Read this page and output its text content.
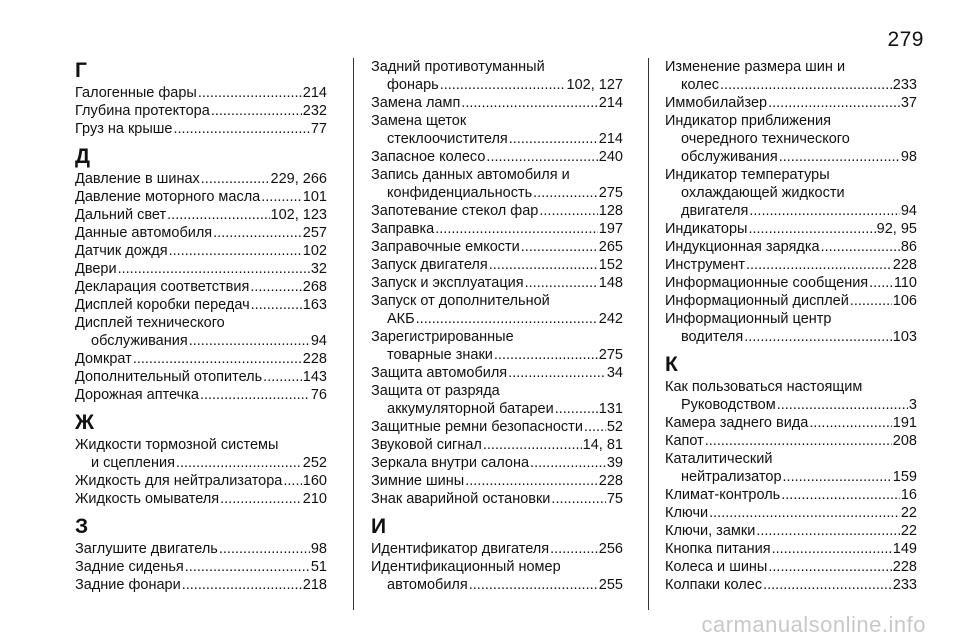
279
Г
Галогенные фары .....	214
Глубина протектора .....	232
Груз на крыше .....	77
Д
Давление в шинах .....	229, 266
Давление моторного масла .....	101
Дальний свет .....	102, 123
Данные автомобиля .....	257
Датчик дождя .....	102
Двери .....	32
Декларация соответствия .....	268
Дисплей коробки передач .....	163
Дисплей технического
обслуживания .....	94
Домкрат .....	228
Дополнительный отопитель .....	143
Дорожная аптечка .....	76
Ж
Жидкости тормозной системы
и сцепления .....	252
Жидкость для нейтрализатора ..... 160
Жидкость омывателя .....	210
З
Заглушите двигатель .....	98
Задние сиденья .....	51
Задние фонари .....	218
Задний противотуманный
фонарь .....	102, 127
Замена ламп .....	214
Замена щеток
стеклоочистителя .....	214
Запасное колесо .....	240
Запись данных автомобиля и
конфиденциальность .....	275
Запотевание стекол фар .....	128
Заправка .....	197
Заправочные емкости .....	265
Запуск двигателя .....	152
Запуск и эксплуатация .....	148
Запуск от дополнительной
АКБ .....	242
Зарегистрированные
товарные знаки .....	275
Защита автомобиля .....	34
Защита от разряда
аккумуляторной батареи .....	131
Защитные ремни безопасности ..... 52
Звуковой сигнал .....	14, 81
Зеркала внутри салона .....	39
Зимние шины .....	228
Знак аварийной остановки .....	75
И
Идентификатор двигателя .....	256
Идентификационный номер
автомобиля .....	255
Изменение размера шин и
колес .....	233
Иммобилайзер .....	37
Индикатор приближения
очередного технического
обслуживания .....	98
Индикатор температуры
охлаждающей жидкости
двигателя .....	94
Индикаторы .....	92, 95
Индукционная зарядка .....	86
Инструмент .....	228
Информационные сообщения ..... 110
Информационный дисплей .....	106
Информационный центр
водителя .....	103
К
Как пользоваться настоящим
Руководством .....	3
Камера заднего вида .....	191
Капот .....	208
Каталитический
нейтрализатор .....	159
Климат-контроль .....	16
Ключи .....	22
Ключи, замки .....	22
Кнопка питания .....	149
Колеса и шины .....	228
Колпаки колес .....	233
carmanualsonline.info
